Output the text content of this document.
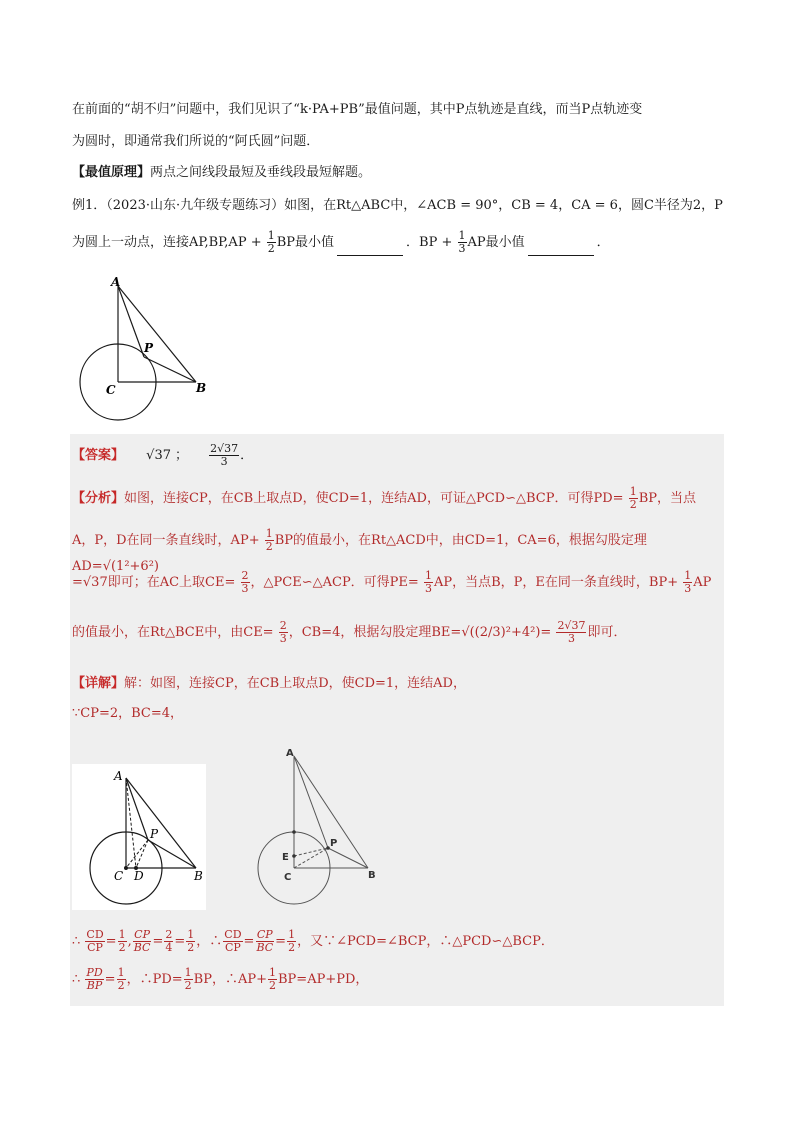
在前面的“胡不归”问题中，我们见识了“k·PA+PB”最值问题，其中P点轨迹是直线，而当P点轨迹变
为圆时，即通常我们所说的“阿氏圆”问题．
【最值原理】两点之间线段最短及垂线段最短解题。
例1．（2023·山东·九年级专题练习）如图，在Rt△ABC中，∠ACB = 90°，CB = 4，CA = 6，圆C半径为2，P
为圆上一动点，连接$AP,BP,AP + \frac{1}{2}$ BP最小值	．BP + $\frac{1}{3}$ AP最小值	．
A
P
C	B
【答案】 √37 ； $\frac{2√37}{3}$ ．
【分析】如图，连接CP，在CB上取点D，使CD=1，连结AD，可证△PCD∽△BCP．可得$PD= \frac{1}{2}$ BP，当点
A，P，D在同一条直线时，$AP+ \frac{1}{2}$ BP的值最小，在Rt△ACD中，由CD=1，CA=6，根据勾股定理AD=√(1²+6²)
=√37即可；在AC上取$CE= \frac{2}{3}$ ，△PCE∽△ACP．可得$PE= \frac{1}{3}$ AP，当点B，P，E在同一条直线时，$BP+ \frac{1}{3}$ AP
的值最小，在Rt△BCE中，由$CE= \frac{2}{3}$ ，CB=4，根据勾股定理$BE=√((2/3)^2+4^2)= \frac{2√37}{3}$ 即可．
【详解】解：如图，连接CP，在CB上取点D，使CD=1，连结AD，
∵CP=2，BC=4，
A
P
C D	B
A
E
P
C	B
∴ $\frac{CD}{CP} = \frac{1}{2}$ , $\frac{CP}{BC} = \frac{2}{4} = \frac{1}{2}$ ，∴ $\frac{CD}{CP} = \frac{CP}{BC} = \frac{1}{2}$ ，又∵∠PCD=∠BCP，∴△PCD∽△BCP．
∴ $\frac{PD}{BP} = \frac{1}{2}$ ，∴PD= $\frac{1}{2}$ BP，∴AP+ $\frac{1}{2} BP=AP+PD$，
